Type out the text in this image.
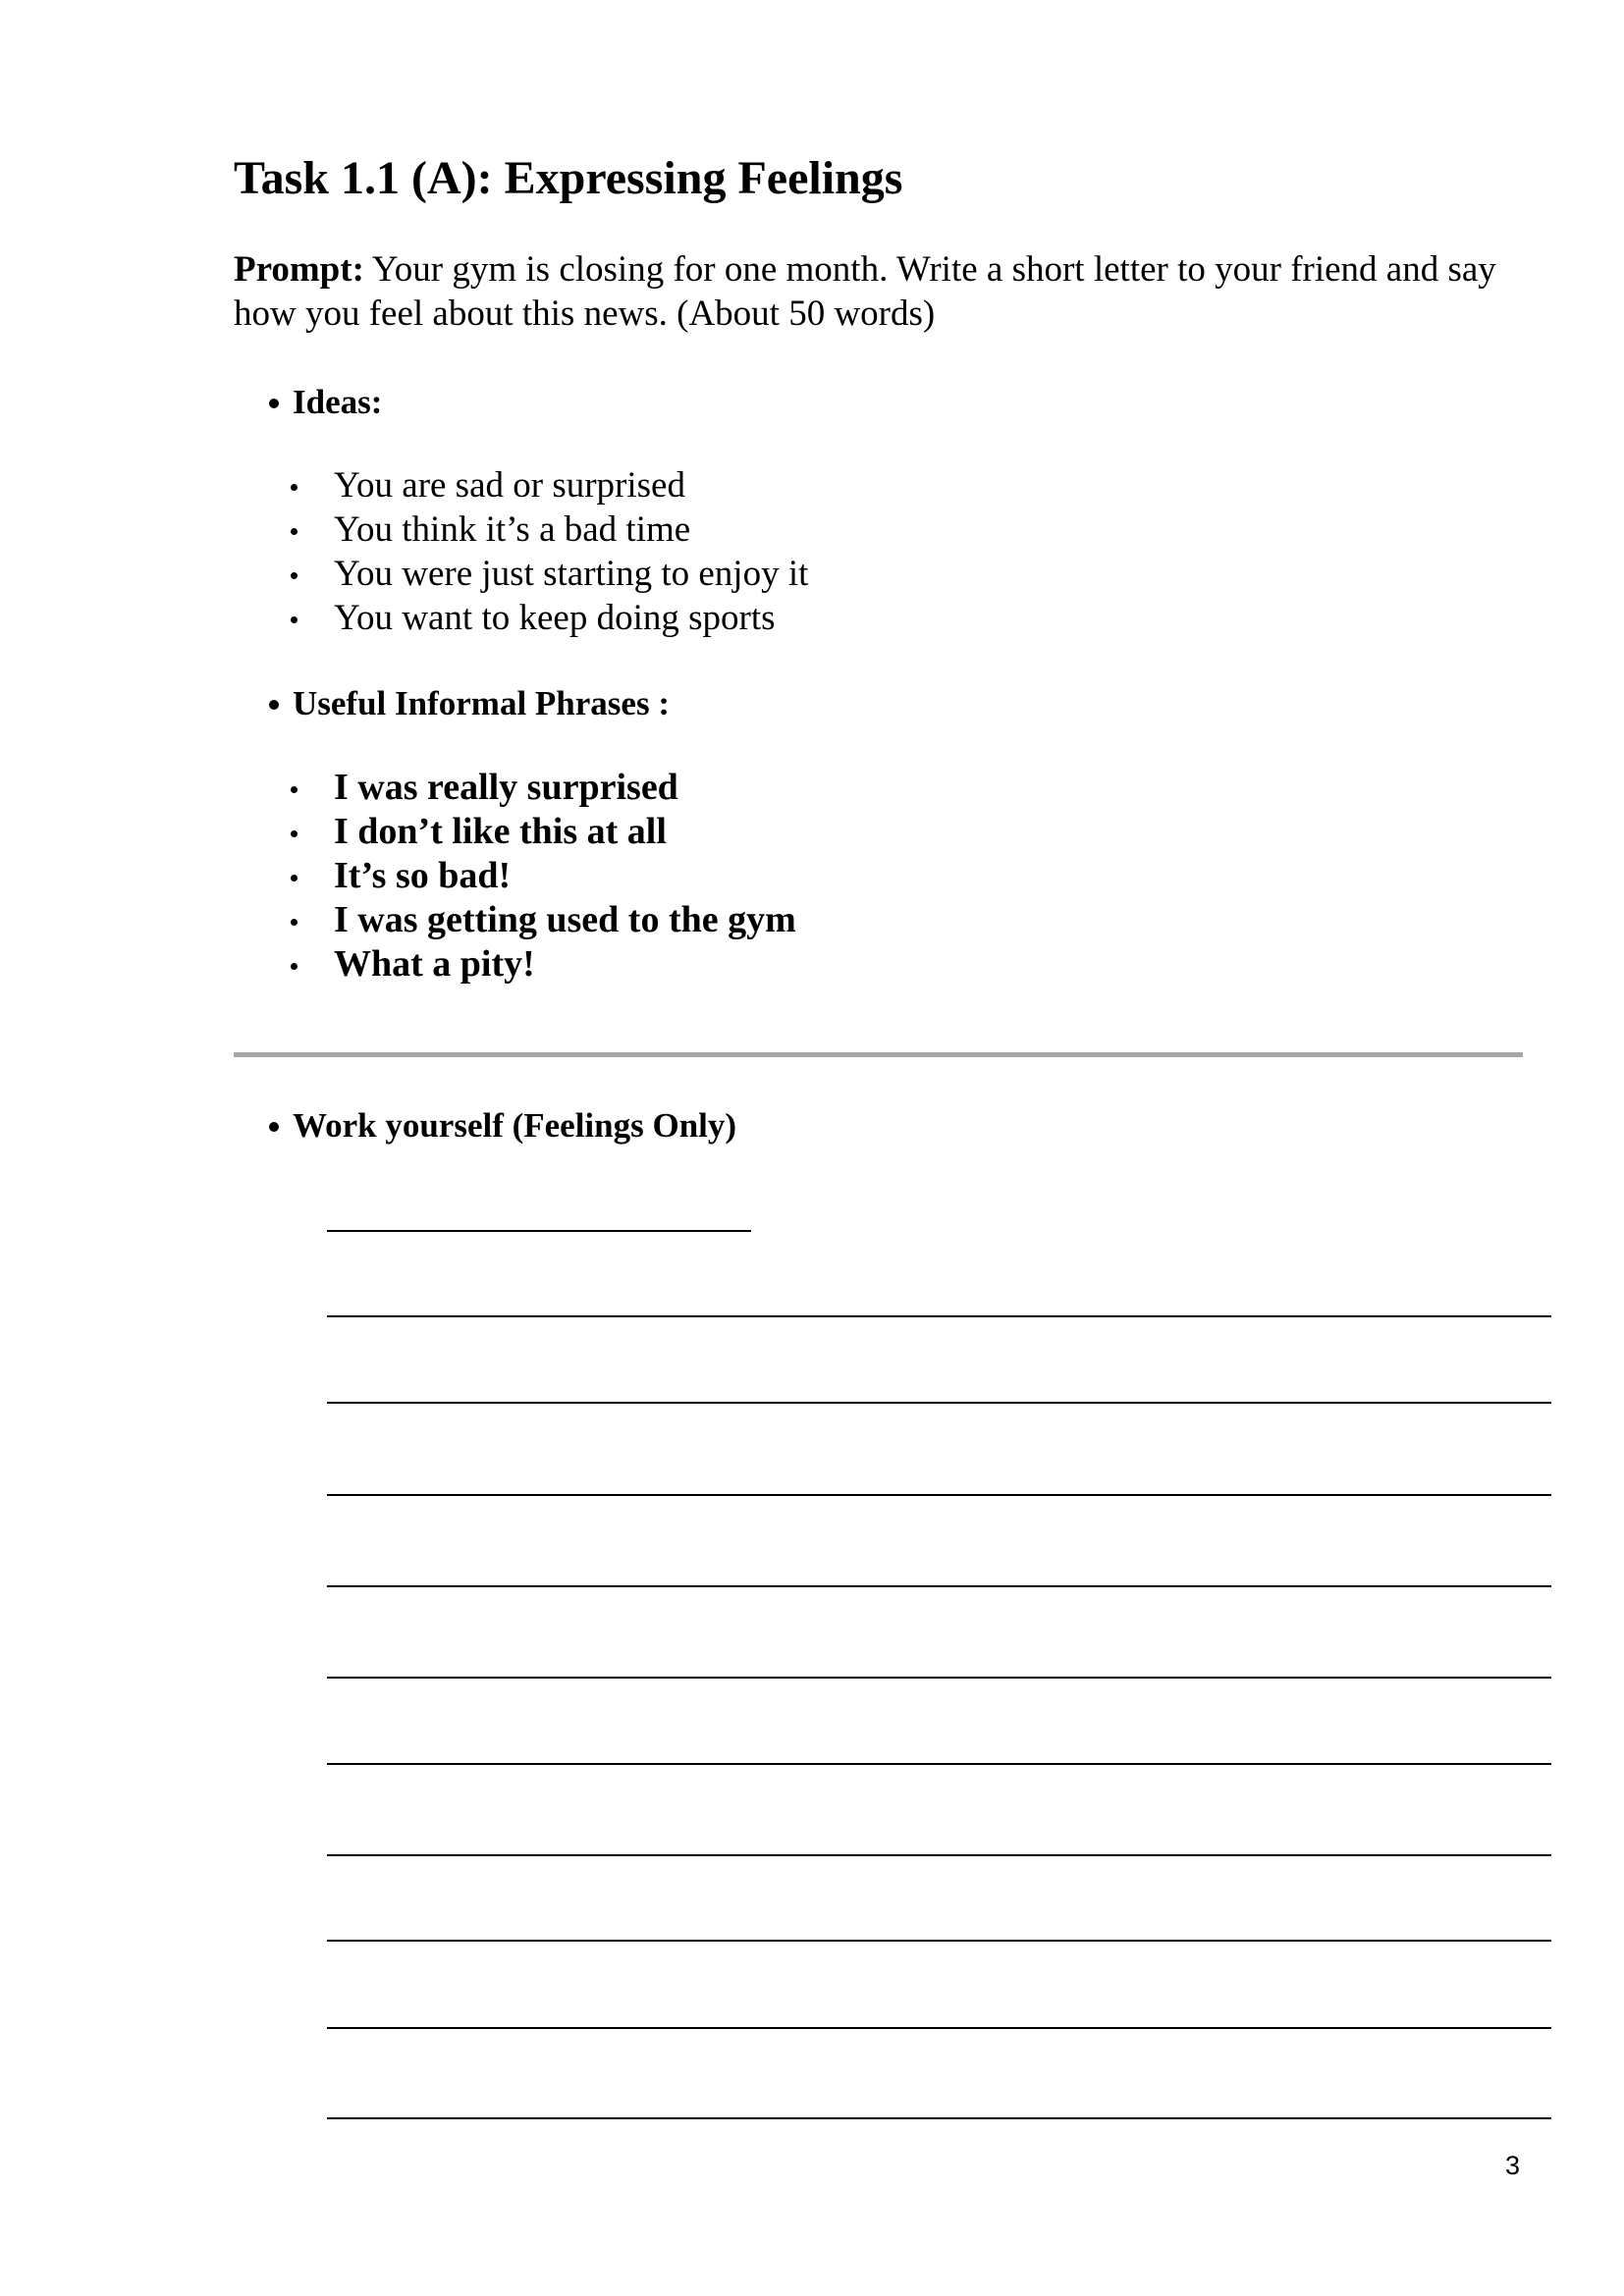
Task 1.1 (A): Expressing Feelings

Prompt: Your gym is closing for one month. Write a short letter to your friend and say how you feel about this news. (About 50 words)

Ideas:
You are sad or surprised
You think it’s a bad time
You were just starting to enjoy it
You want to keep doing sports
Useful Informal Phrases :
I was really surprised
I don’t like this at all
It’s so bad!
I was getting used to the gym
What a pity!
Work yourself (Feelings Only)
3
